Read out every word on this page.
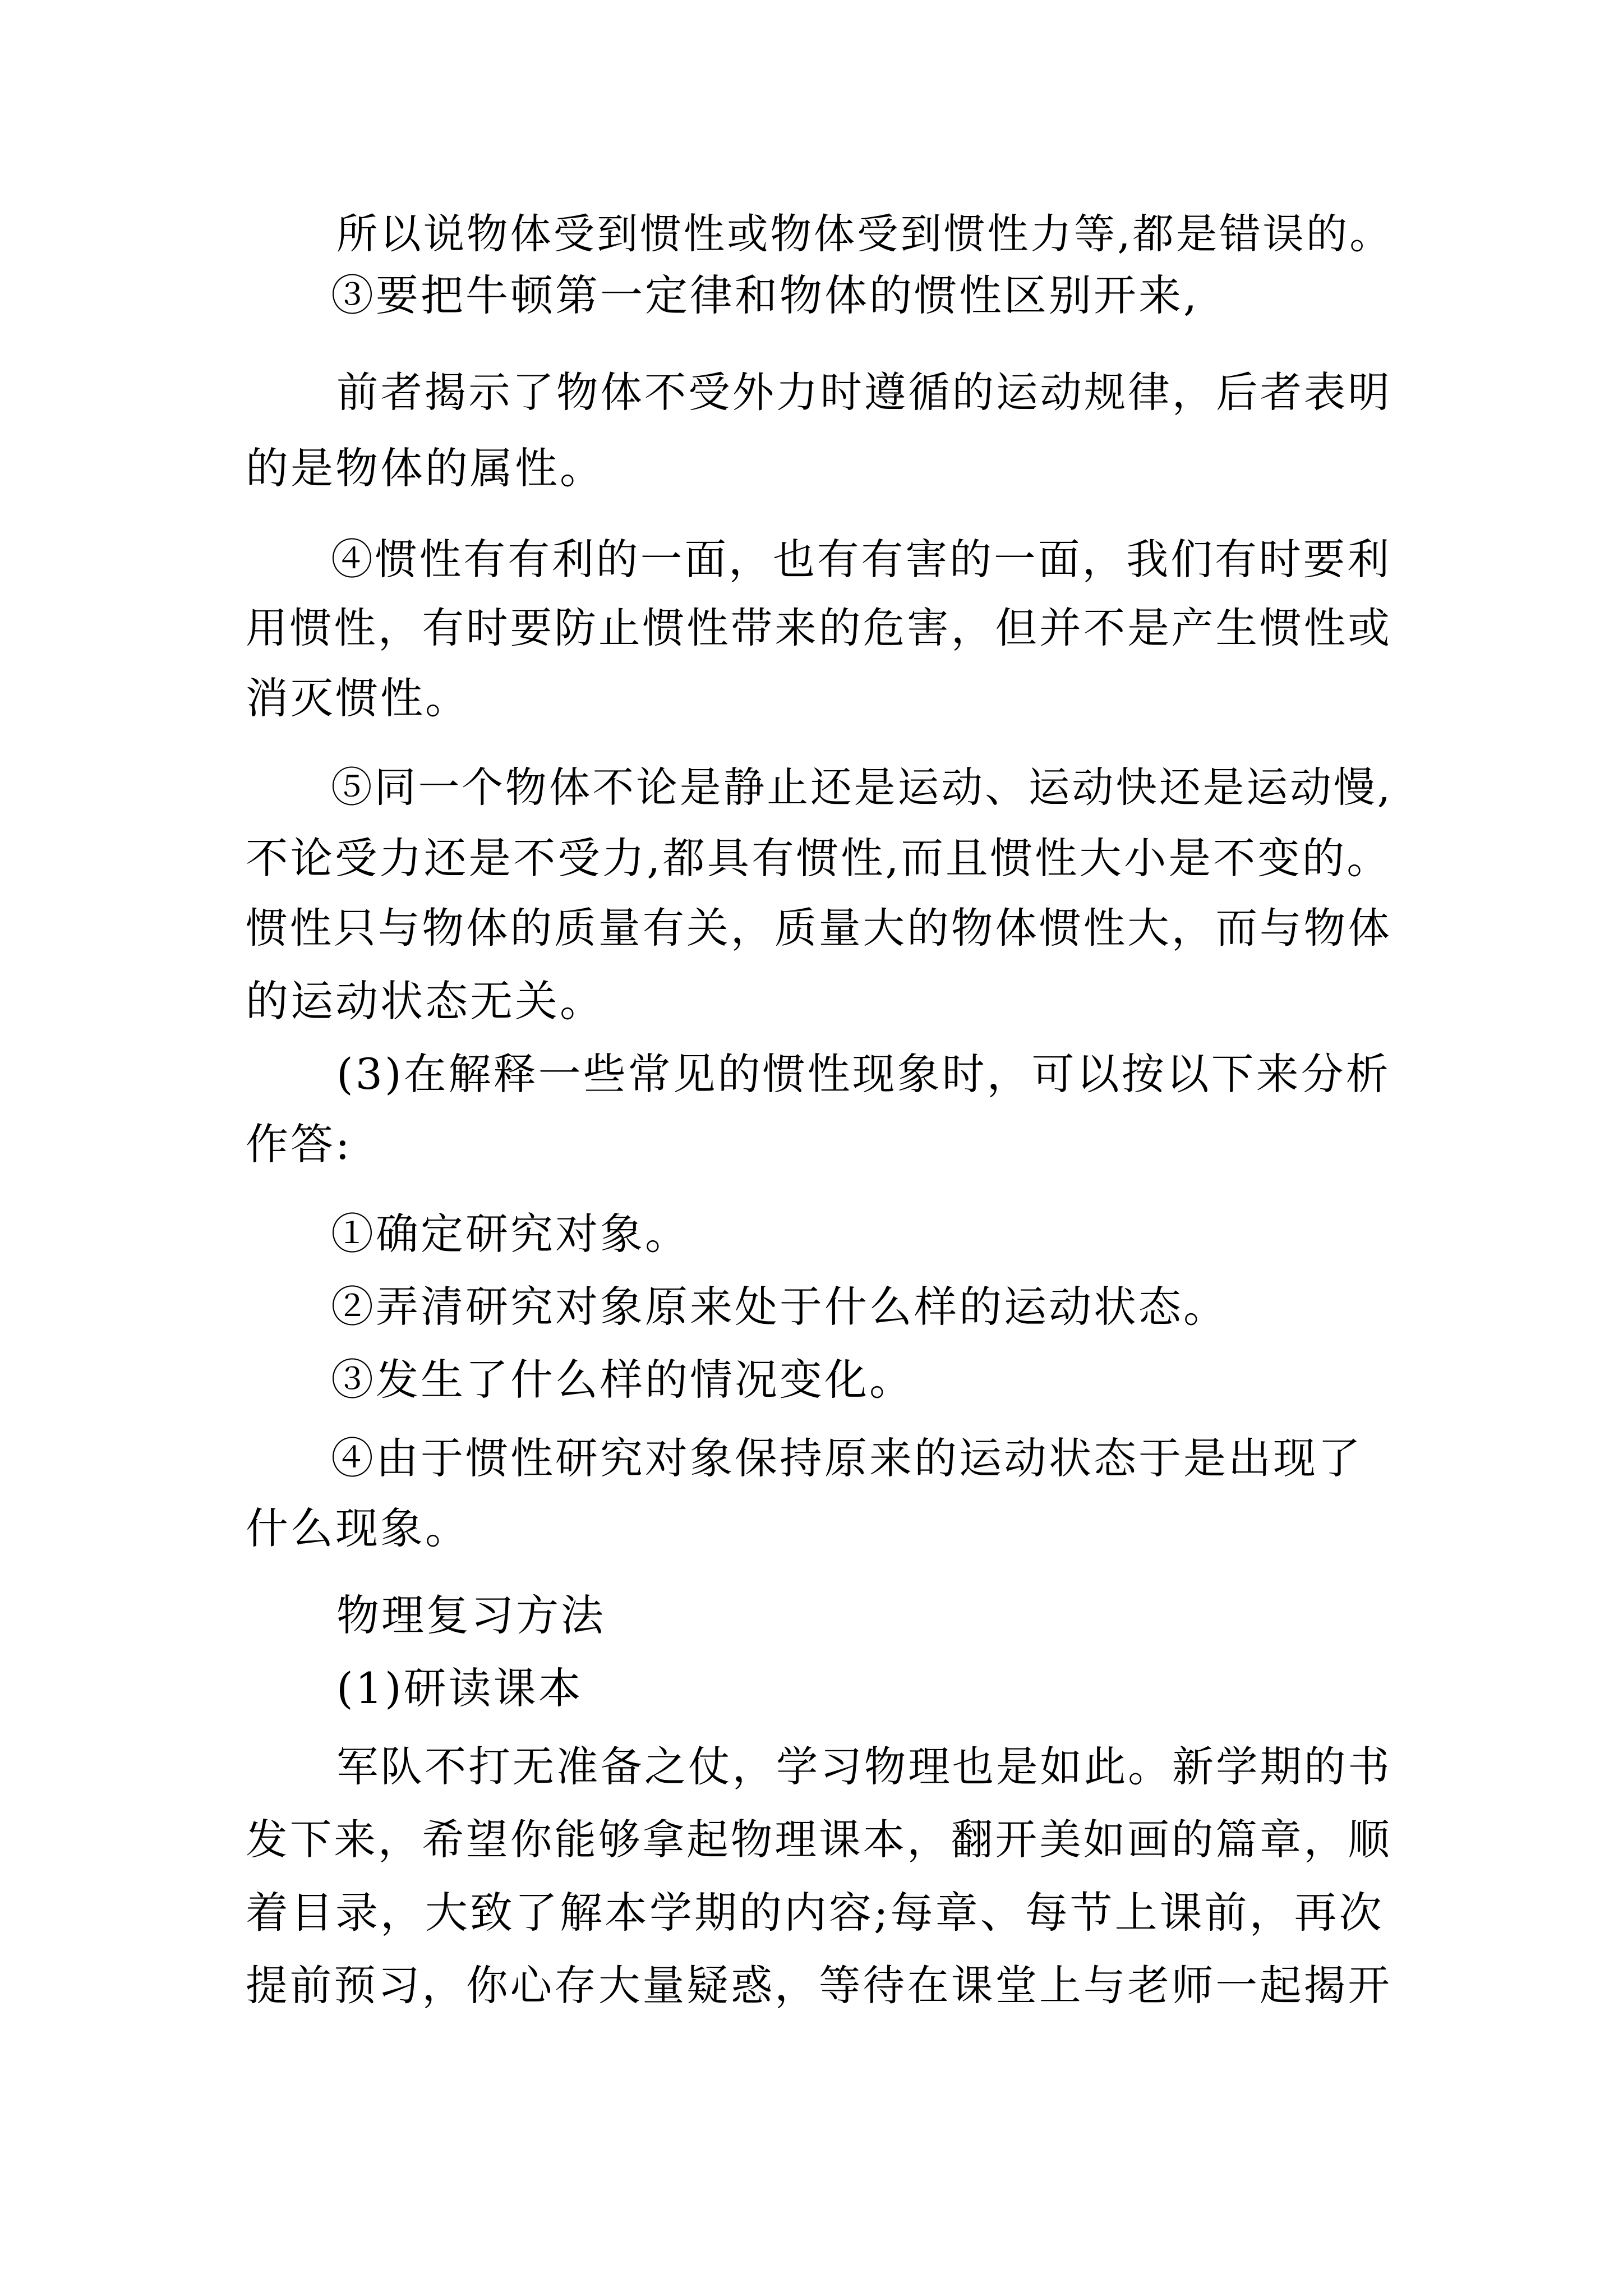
所以说物体受到惯性或物体受到惯性力等,都是错误的。
③要把牛顿第一定律和物体的惯性区别开来,
前者揭示了物体不受外力时遵循的运动规律，后者表明
的是物体的属性。
④惯性有有利的一面，也有有害的一面，我们有时要利
用惯性，有时要防止惯性带来的危害，但并不是产生惯性或
消灭惯性。
⑤同一个物体不论是静止还是运动、运动快还是运动慢,
不论受力还是不受力,都具有惯性,而且惯性大小是不变的。
惯性只与物体的质量有关，质量大的物体惯性大，而与物体
的运动状态无关。
(3)在解释一些常见的惯性现象时，可以按以下来分析
作答:
①确定研究对象。
②弄清研究对象原来处于什么样的运动状态。
③发生了什么样的情况变化。
④由于惯性研究对象保持原来的运动状态于是出现了
什么现象。
物理复习方法
(1)研读课本
军队不打无准备之仗，学习物理也是如此。新学期的书
发下来，希望你能够拿起物理课本，翻开美如画的篇章，顺
着目录，大致了解本学期的内容;每章、每节上课前，再次
提前预习，你心存大量疑惑，等待在课堂上与老师一起揭开
